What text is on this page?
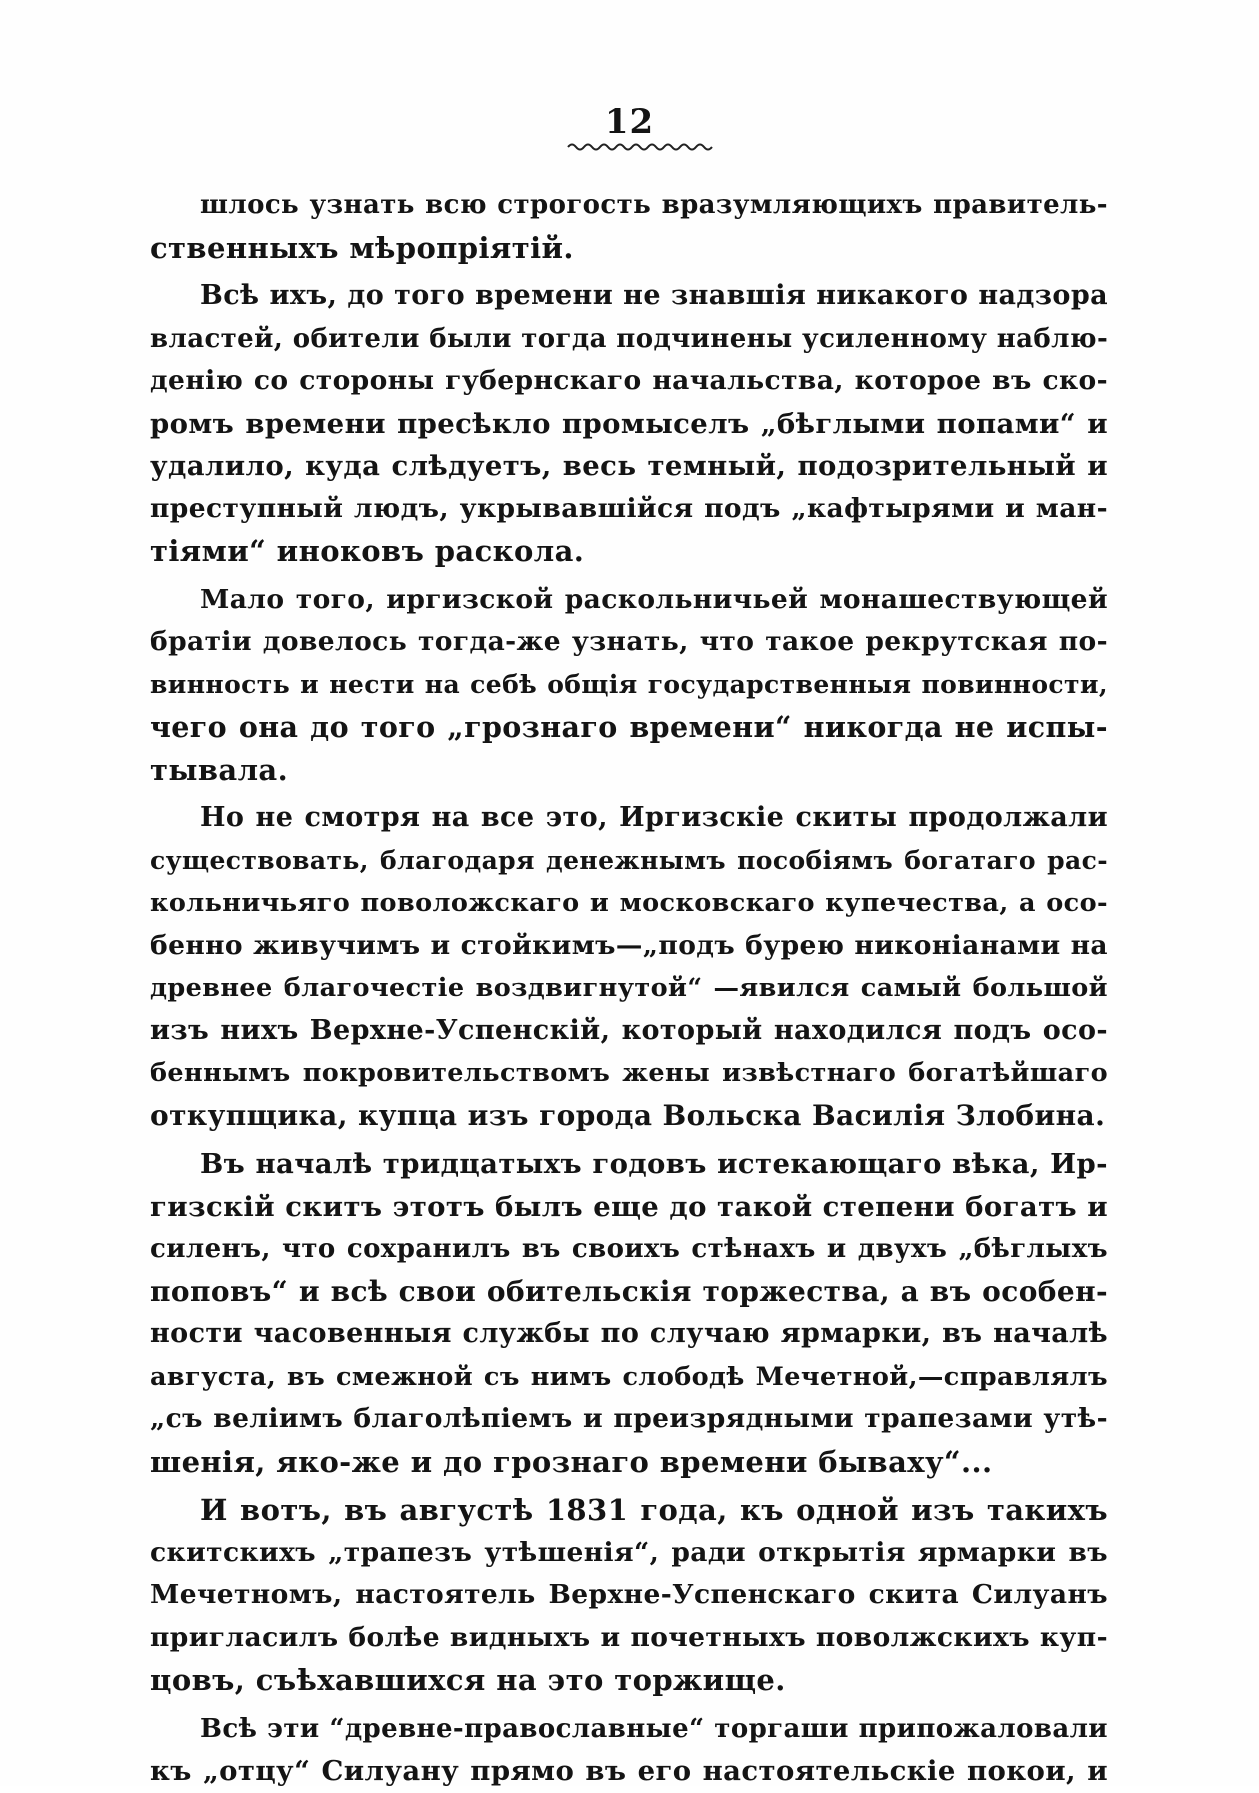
12
шлось узнать всю строгость вразумляющихъ правитель-
ственныхъ мѣропріятій.
Всѣ ихъ, до того времени не знавшія никакого надзора
властей, обители были тогда подчинены усиленному наблю-
денію со стороны губернскаго начальства, которое въ ско-
ромъ времени пресѣкло промыселъ „бѣглыми попами“ и
удалило, куда слѣдуетъ, весь темный, подозрительный и
преступный людъ, укрывавшійся подъ „кафтырями и ман-
тіями“ иноковъ раскола.
Мало того, иргизской раскольничьей монашествующей
братіи довелось тогда-же узнать, что такое рекрутская по-
винность и нести на себѣ общія государственныя повинности,
чего она до того „грознаго времени“ никогда не испы-
тывала.
Но не смотря на все это, Иргизскіе скиты продолжали
существовать, благодаря денежнымъ пособіямъ богатаго рас-
кольничьяго поволожскаго и московскаго купечества, а осо-
бенно живучимъ и стойкимъ—„подъ бурею никоніанами на
древнее благочестіе воздвигнутой“ —явился самый большой
изъ нихъ Верхне-Успенскій, который находился подъ осо-
беннымъ покровительствомъ жены извѣстнаго богатѣйшаго
откупщика, купца изъ города Вольска Василія Злобина.
Въ началѣ тридцатыхъ годовъ истекающаго вѣка, Ир-
гизскій скитъ этотъ былъ еще до такой степени богатъ и
силенъ, что сохранилъ въ своихъ стѣнахъ и двухъ „бѣглыхъ
поповъ“ и всѣ свои обительскія торжества, а въ особен-
ности часовенныя службы по случаю ярмарки, въ началѣ
августа, въ смежной съ нимъ слободѣ Мечетной,—справлялъ
„съ веліимъ благолѣпіемъ и преизрядными трапезами утѣ-
шенія, яко-же и до грознаго времени бываху“...
И вотъ, въ августѣ 1831 года, къ одной изъ такихъ
скитскихъ „трапезъ утѣшенія“, ради открытія ярмарки въ
Мечетномъ, настоятель Верхне-Успенскаго скита Силуанъ
пригласилъ болѣе видныхъ и почетныхъ поволжскихъ куп-
цовъ, съѣхавшихся на это торжище.
Всѣ эти “древне-православные“ торгаши припожаловали
къ „отцу“ Силуану прямо въ его настоятельскіе покои, и
